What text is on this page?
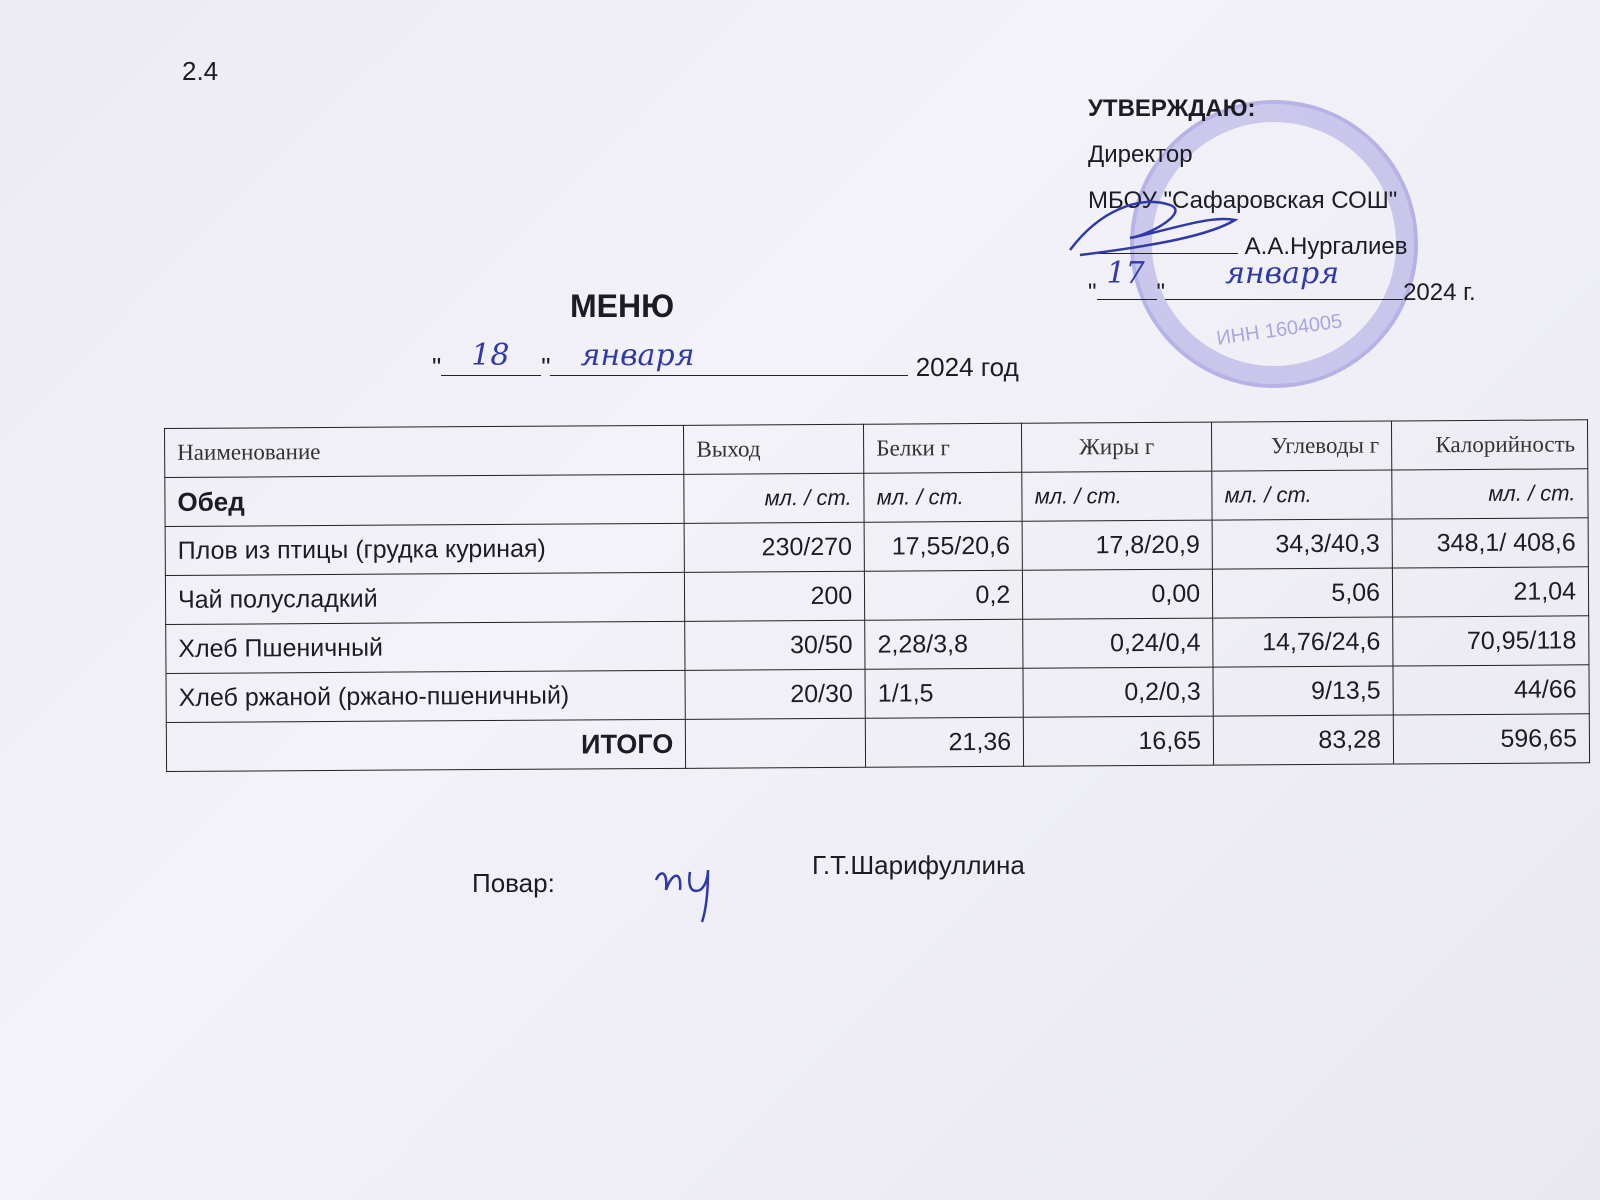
2.4
ИНН 1604005
УТВЕРЖДАЮ:
Директор
МБОУ "Сафаровская СОШ"
А.А.Нургалиев
"
17
"
января
2024 г.
МЕНЮ
" 18 " января	2024 год
Наименование	Выход	Белки г	Жиры г	Углеводы г	Калорийность
Обед	мл. / ст.	мл. / ст.	мл. / ст.	мл. / ст.	мл. / ст.
Плов из птицы (грудка куриная)	230/270	17,55/20,6	17,8/20,9	34,3/40,3	348,1/ 408,6
Чай полусладкий	200	0,2	0,00	5,06	21,04
Хлеб Пшеничный	30/50	2,28/3,8	0,24/0,4	14,76/24,6	70,95/118
Хлеб ржаной (ржано-пшеничный)	20/30	1/1,5	0,2/0,3	9/13,5	44/66
ИТОГО		21,36	16,65	83,28	596,65
Повар:
Г.Т.Шарифуллина
